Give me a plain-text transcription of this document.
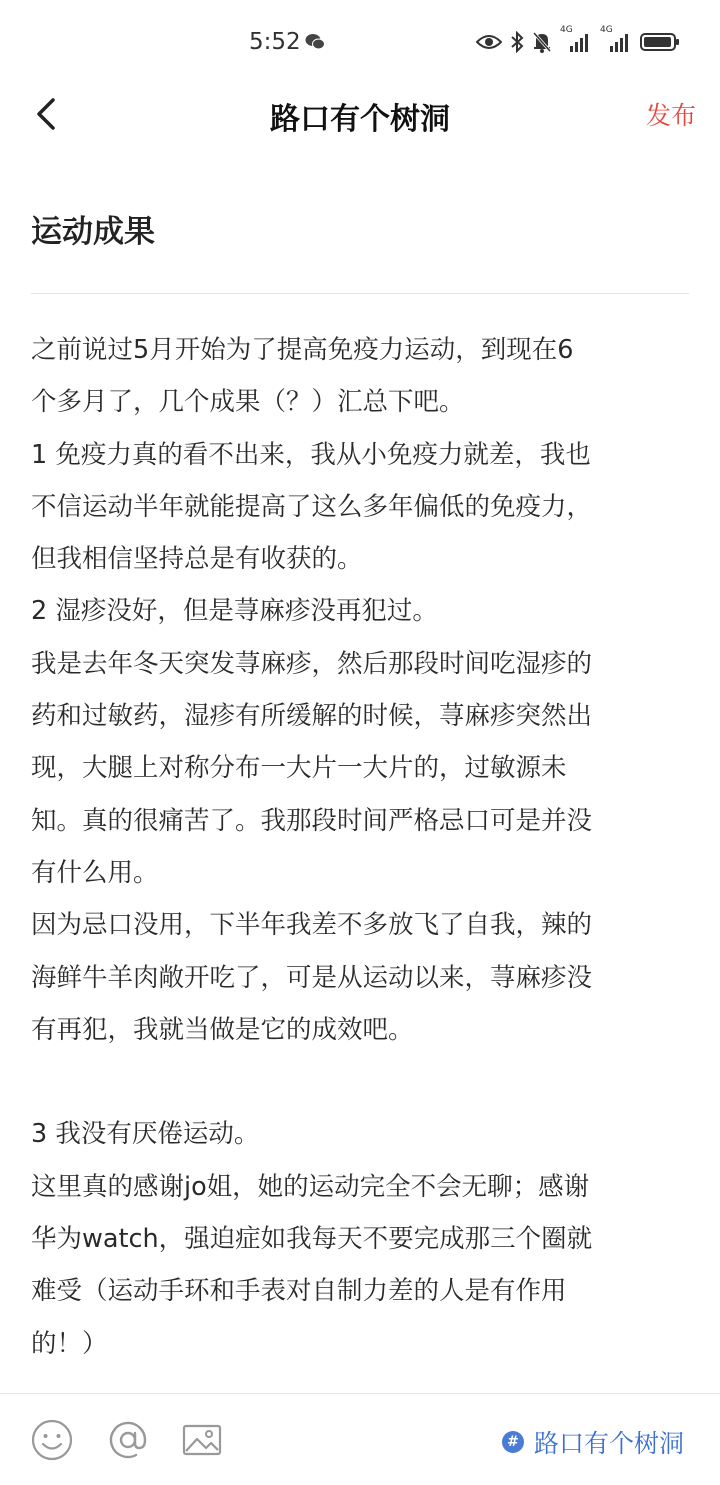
5:52	4G	4G
路口有个树洞	发布
运动成果
之前说过5月开始为了提高免疫力运动，到现在6
个多月了，几个成果（？）汇总下吧。
1 免疫力真的看不出来，我从小免疫力就差，我也
不信运动半年就能提高了这么多年偏低的免疫力，
但我相信坚持总是有收获的。
2 湿疹没好，但是荨麻疹没再犯过。
我是去年冬天突发荨麻疹，然后那段时间吃湿疹的
药和过敏药，湿疹有所缓解的时候，荨麻疹突然出
现，大腿上对称分布一大片一大片的，过敏源未
知。真的很痛苦了。我那段时间严格忌口可是并没
有什么用。
因为忌口没用，下半年我差不多放飞了自我，辣的
海鲜牛羊肉敞开吃了，可是从运动以来，荨麻疹没
有再犯，我就当做是它的成效吧。
3 我没有厌倦运动。
这里真的感谢jo姐，她的运动完全不会无聊；感谢
华为watch，强迫症如我每天不要完成那三个圈就
难受（运动手环和手表对自制力差的人是有作用
的！）
# 路口有个树洞
